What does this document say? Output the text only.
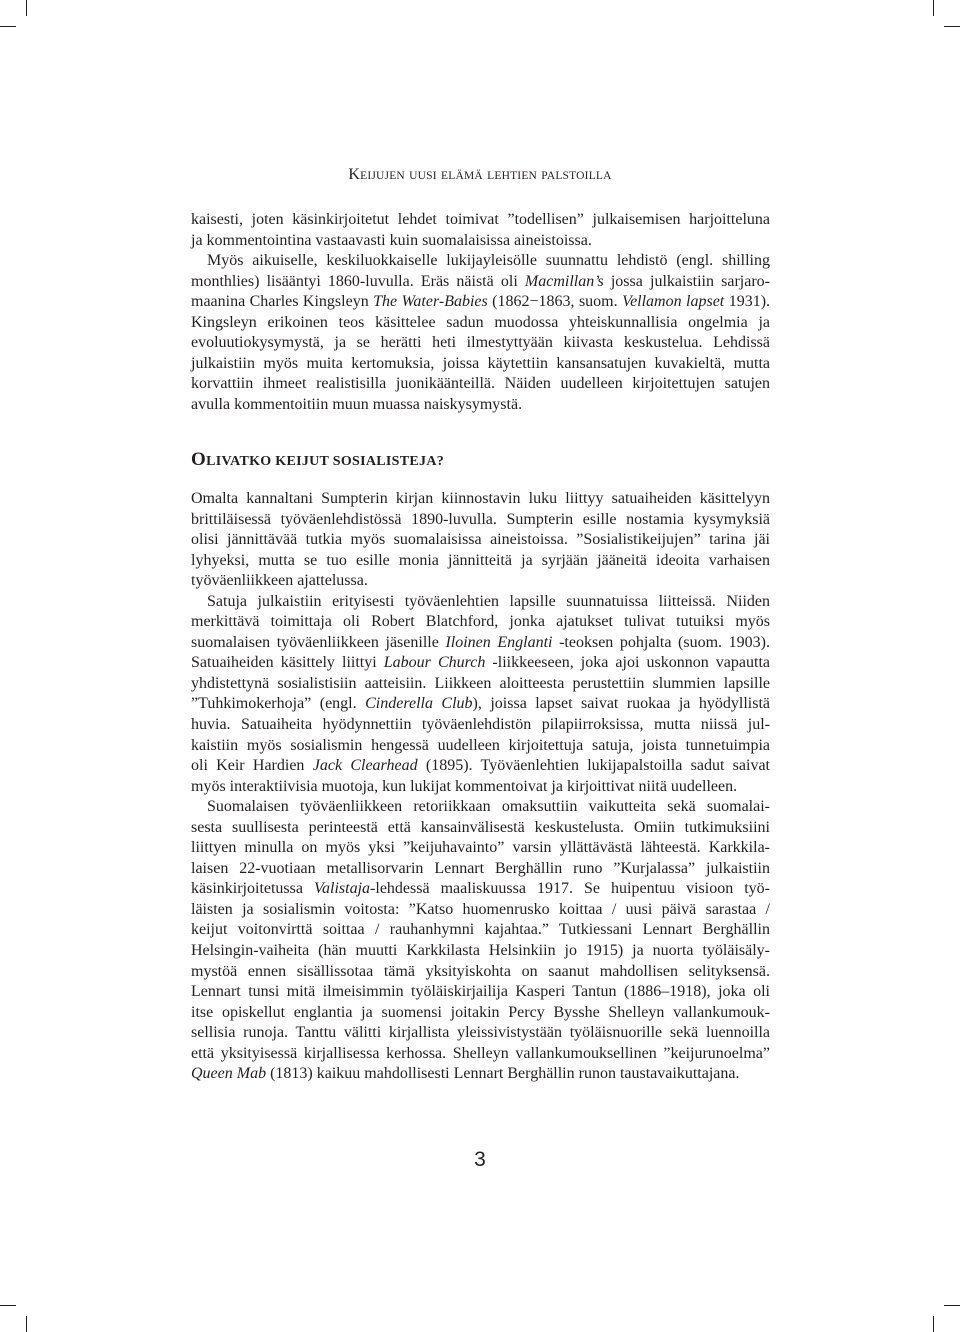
KEIJUJEN UUSI ELÄMÄ LEHTIEN PALSTOILLA
kaisesti, joten käsinkirjoitetut lehdet toimivat ”todellisen” julkaisemisen harjoitteluna
ja kommentointina vastaavasti kuin suomalaisissa aineistoissa.
Myös aikuiselle, keskiluokkaiselle lukijayleisölle suunnattu lehdistö (engl. shilling
monthlies) lisääntyi 1860-luvulla. Eräs näistä oli Macmillan’s jossa julkaistiin sarjaro-
maanina Charles Kingsleyn The Water-Babies (1862−1863, suom. Vellamon lapset 1931).
Kingsleyn erikoinen teos käsittelee sadun muodossa yhteiskunnallisia ongelmia ja
evoluutiokysymystä, ja se herätti heti ilmestyttyään kiivasta keskustelua. Lehdissä
julkaistiin myös muita kertomuksia, joissa käytettiin kansansatujen kuvakieltä, mutta
korvattiin ihmeet realistisilla juonikäänteillä. Näiden uudelleen kirjoitettujen satujen
avulla kommentoitiin muun muassa naiskysymystä.
OLIVATKO KEIJUT SOSIALISTEJA?
Omalta kannaltani Sumpterin kirjan kiinnostavin luku liittyy satuaiheiden käsittelyyn
brittiläisessä työväenlehdistössä 1890-luvulla. Sumpterin esille nostamia kysymyksiä
olisi jännittävää tutkia myös suomalaisissa aineistoissa. ”Sosialistikeijujen” tarina jäi
lyhyeksi, mutta se tuo esille monia jännitteitä ja syrjään jääneitä ideoita varhaisen
työväenliikkeen ajattelussa.
Satuja julkaistiin erityisesti työväenlehtien lapsille suunnatuissa liitteissä. Niiden
merkittävä toimittaja oli Robert Blatchford, jonka ajatukset tulivat tutuiksi myös
suomalaisen työväenliikkeen jäsenille Iloinen Englanti -teoksen pohjalta (suom. 1903).
Satuaiheiden käsittely liittyi Labour Church -liikkeeseen, joka ajoi uskonnon vapautta
yhdistettynä sosialistisiin aatteisiin. Liikkeen aloitteesta perustettiin slummien lapsille
”Tuhkimokerhoja” (engl. Cinderella Club), joissa lapset saivat ruokaa ja hyödyllistä
huvia. Satuaiheita hyödynnettiin työväenlehdistön pilapiirroksissa, mutta niissä jul-
kaistiin myös sosialismin hengessä uudelleen kirjoitettuja satuja, joista tunnetuimpia
oli Keir Hardien Jack Clearhead (1895). Työväenlehtien lukijapalstoilla sadut saivat
myös interaktiivisia muotoja, kun lukijat kommentoivat ja kirjoittivat niitä uudelleen.
Suomalaisen työväenliikkeen retoriikkaan omaksuttiin vaikutteita sekä suomalai-
sesta suullisesta perinteestä että kansainvälisestä keskustelusta. Omiin tutkimuksiini
liittyen minulla on myös yksi ”keijuhavainto” varsin yllättävästä lähteestä. Karkkila-
laisen 22-vuotiaan metallisorvarin Lennart Berghällin runo ”Kurjalassa” julkaistiin
käsinkirjoitetussa Valistaja-lehdessä maaliskuussa 1917. Se huipentuu visioon työ-
läisten ja sosialismin voitosta: ”Katso huomenrusko koittaa / uusi päivä sarastaa /
keijut voitonvirttä soittaa / rauhanhymni kajahtaa.” Tutkiessani Lennart Berghällin
Helsingin-vaiheita (hän muutti Karkkilasta Helsinkiin jo 1915) ja nuorta työläisäly-
mystöä ennen sisällissotaa tämä yksityiskohta on saanut mahdollisen selityksensä.
Lennart tunsi mitä ilmeisimmin työläiskirjailija Kasperi Tantun (1886–1918), joka oli
itse opiskellut englantia ja suomensi joitakin Percy Bysshe Shelleyn vallankumouk-
sellisia runoja. Tanttu välitti kirjallista yleissivistystään työläisnuorille sekä luennoilla
että yksityisessä kirjallisessa kerhossa. Shelleyn vallankumouksellinen ”keijurunoelma”
Queen Mab (1813) kaikuu mahdollisesti Lennart Berghällin runon taustavaikuttajana.
3
